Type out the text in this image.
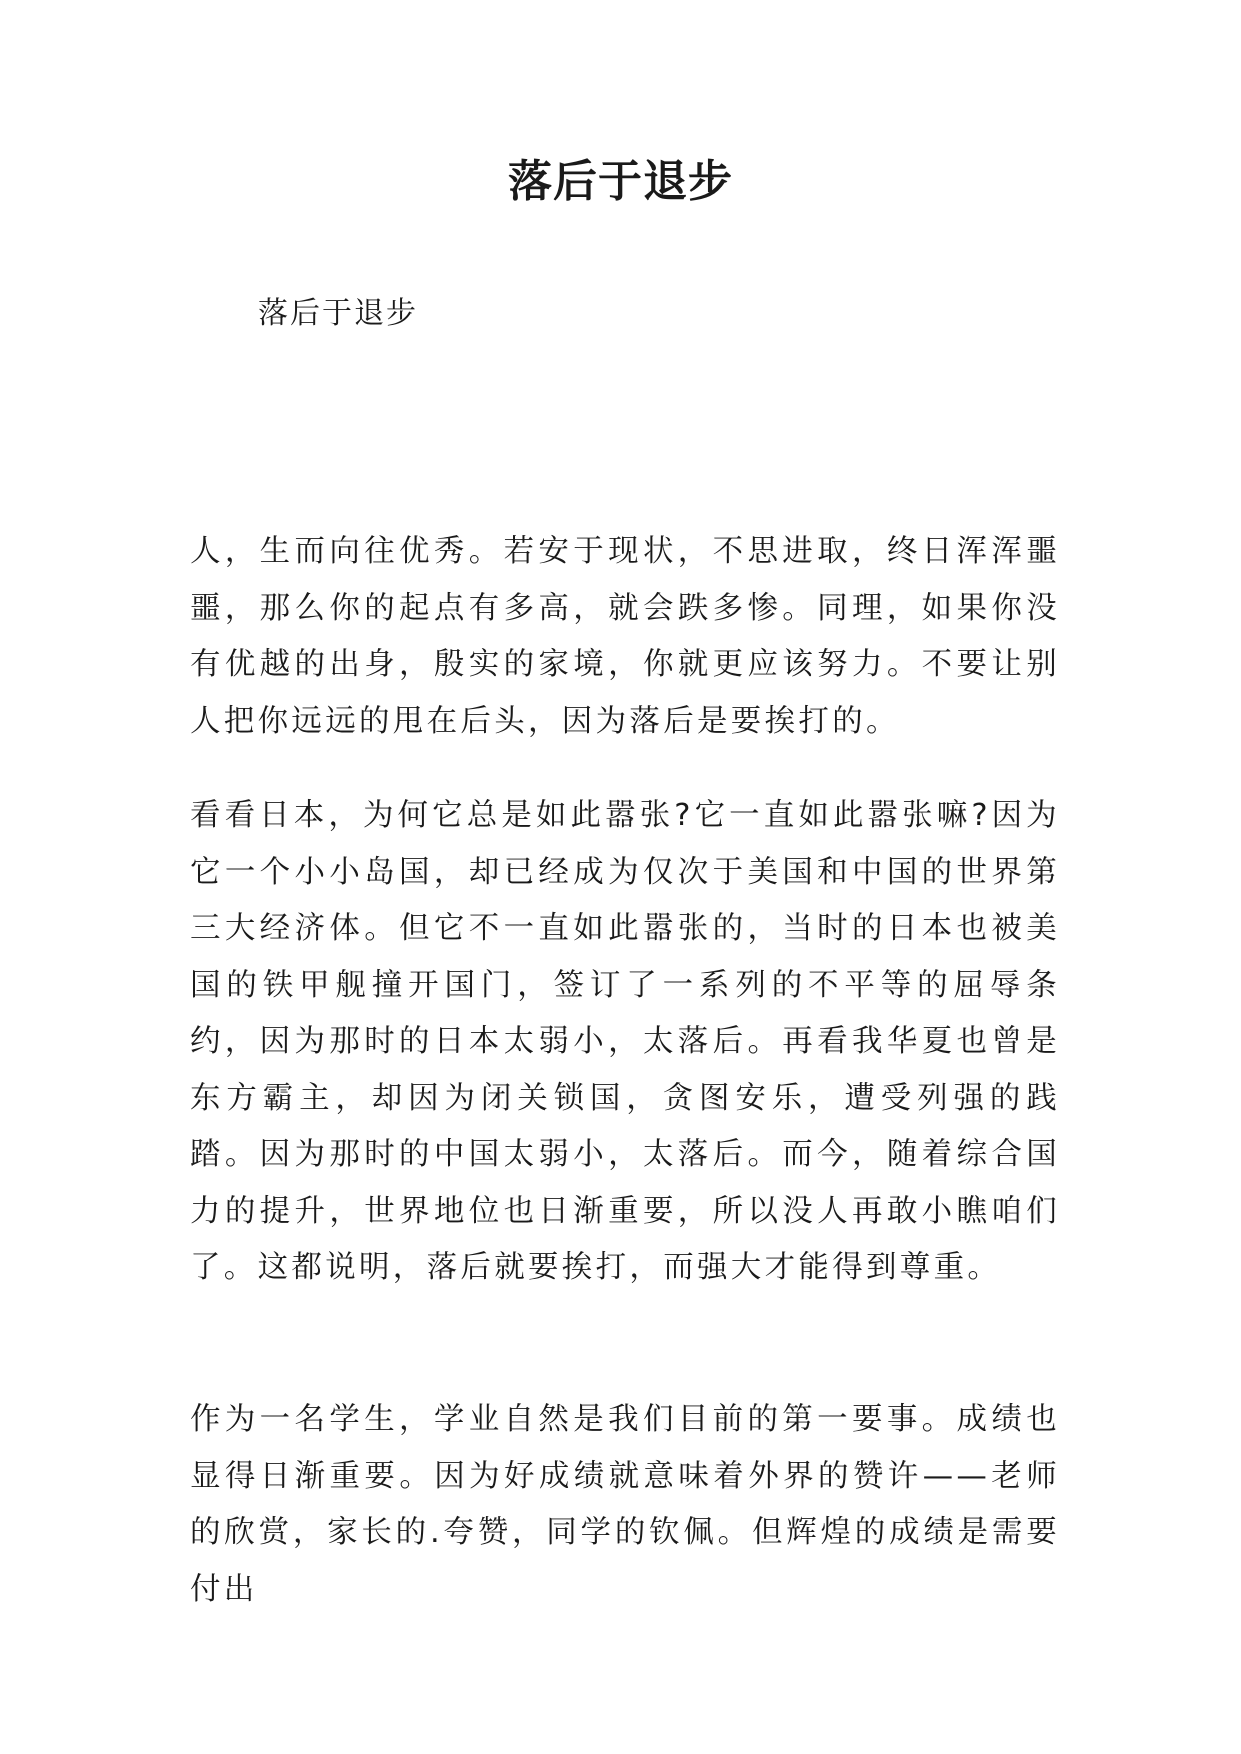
落后于退步

落后于退步

人，生而向往优秀。若安于现状，不思进取，终日浑浑噩噩，那么你的起点有多高，就会跌多惨。同理，如果你没有优越的出身，殷实的家境，你就更应该努力。不要让别人把你远远的甩在后头，因为落后是要挨打的。

看看日本，为何它总是如此嚣张?它一直如此嚣张嘛?因为它一个小小岛国，却已经成为仅次于美国和中国的世界第三大经济体。但它不一直如此嚣张的，当时的日本也被美国的铁甲舰撞开国门，签订了一系列的不平等的屈辱条约，因为那时的日本太弱小，太落后。再看我华夏也曾是东方霸主，却因为闭关锁国，贪图安乐，遭受列强的践踏。因为那时的中国太弱小，太落后。而今，随着综合国力的提升，世界地位也日渐重要，所以没人再敢小瞧咱们了。这都说明，落后就要挨打，而强大才能得到尊重。

作为一名学生，学业自然是我们目前的第一要事。成绩也显得日渐重要。因为好成绩就意味着外界的赞许——老师的欣赏，家长的.夸赞，同学的钦佩。但辉煌的成绩是需要付出
